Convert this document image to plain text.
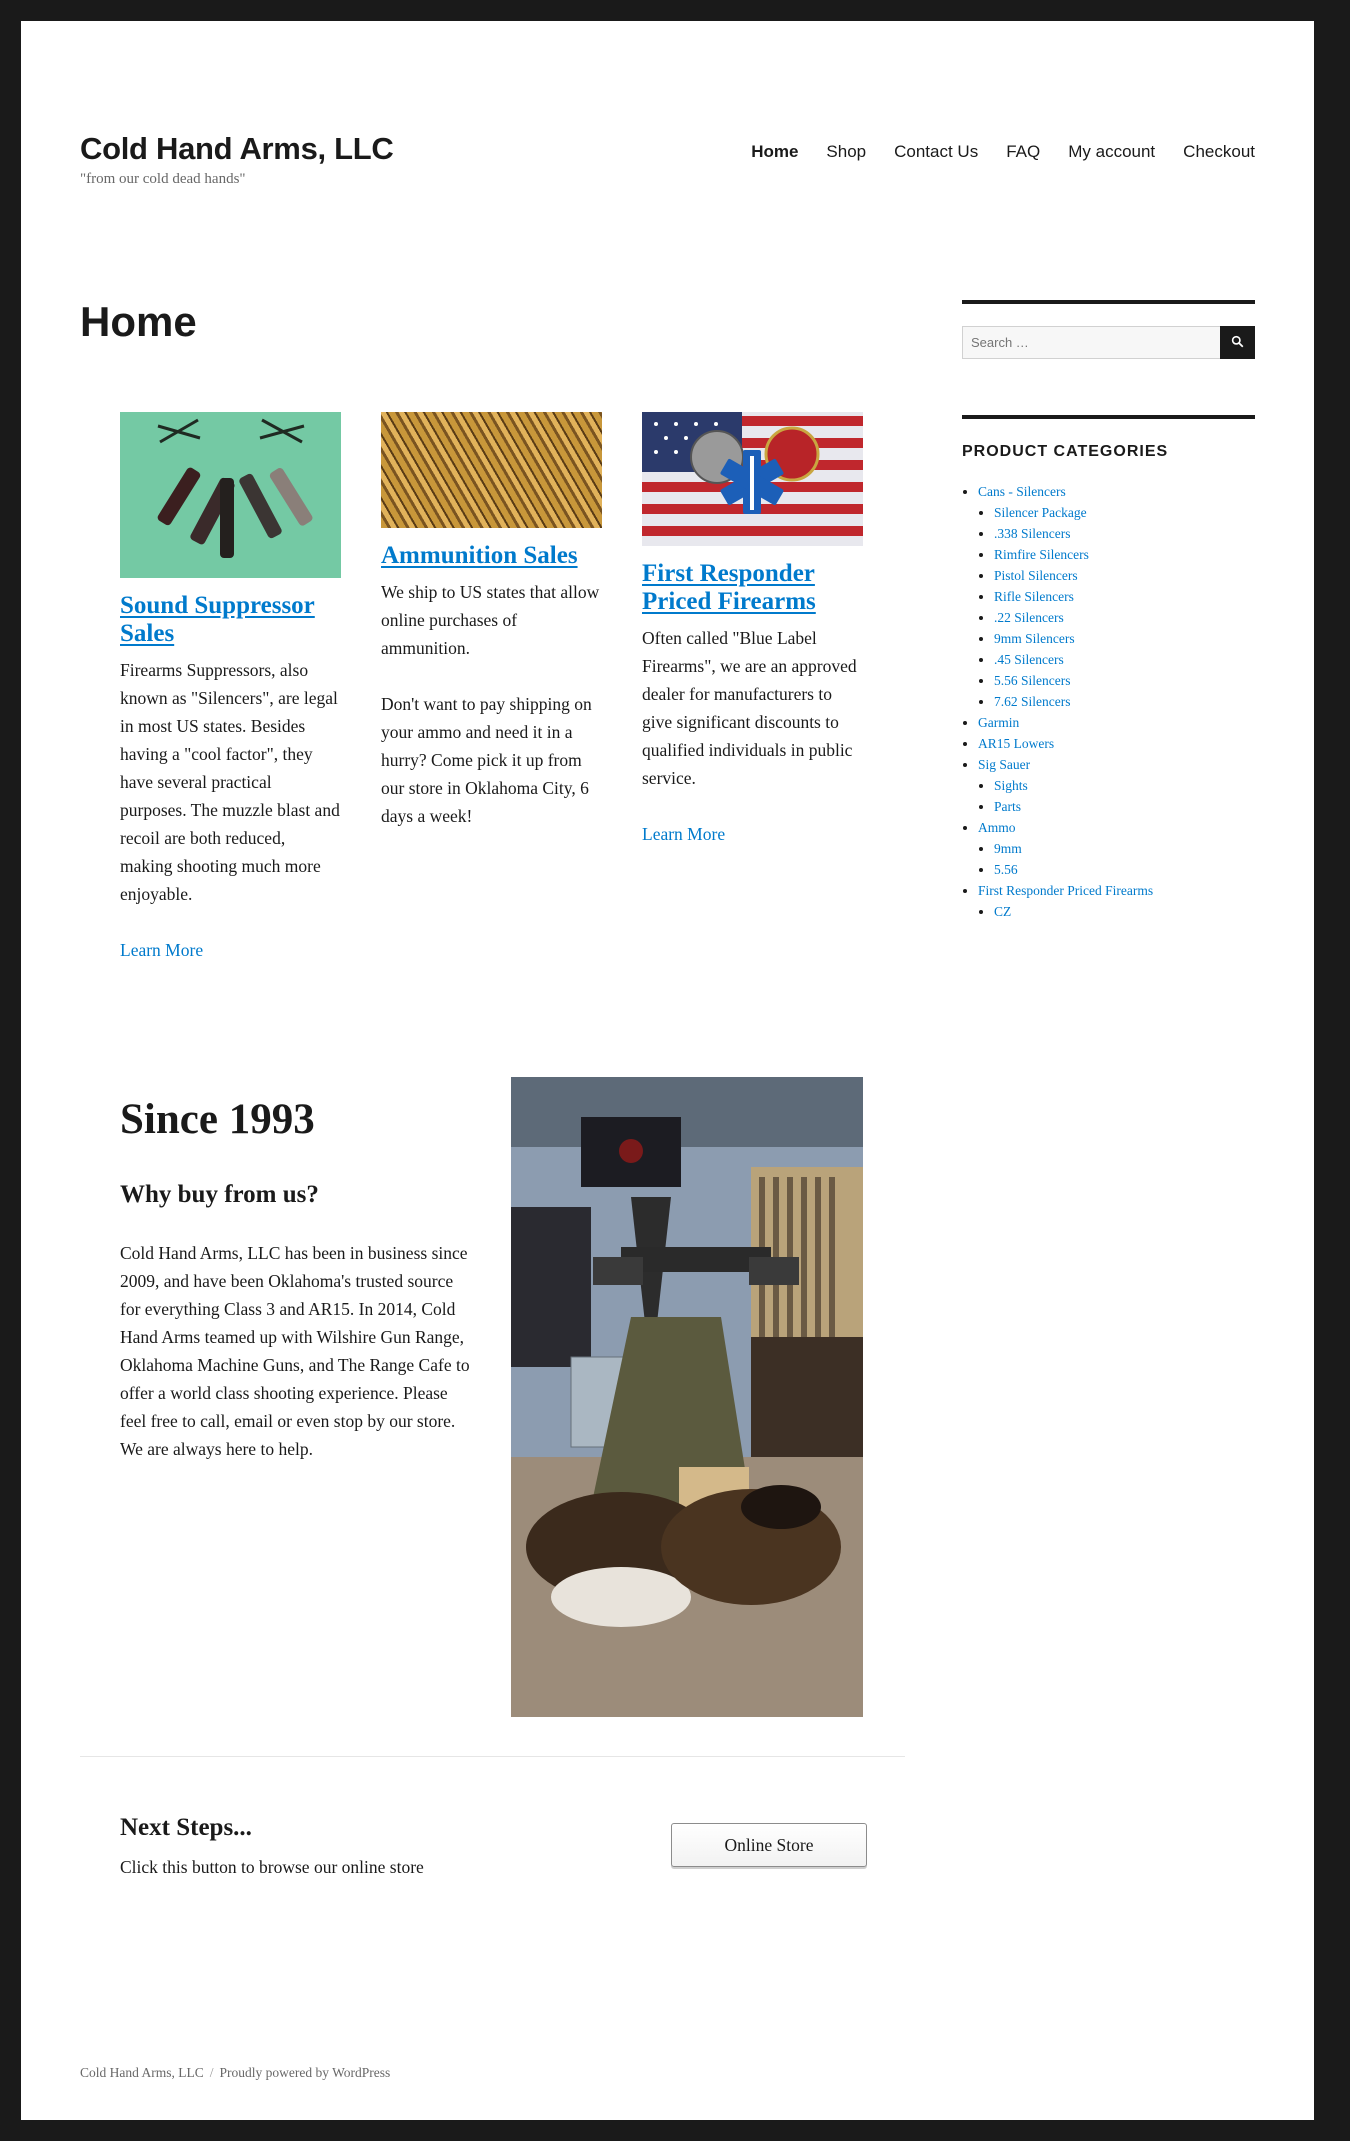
Cold Hand Arms, LLC
"from our cold dead hands"
Home Shop Contact Us FAQ My account Checkout
Home
Sound Suppressor Sales

Firearms Suppressors, also known as "Silencers", are legal in most US states. Besides having a "cool factor", they have several practical purposes. The muzzle blast and recoil are both reduced, making shooting much more enjoyable.

Learn More
Ammunition Sales

We ship to US states that allow online purchases of ammunition.

Don't want to pay shipping on your ammo and need it in a hurry? Come pick it up from our store in Oklahoma City, 6 days a week!

First Responder Priced Firearms

Often called "Blue Label Firearms", we are an approved dealer for manufacturers to give significant discounts to qualified individuals in public service.

Learn More
Since 1993
Why buy from us?

Cold Hand Arms, LLC has been in business since 2009, and have been Oklahoma's trusted source for everything Class 3 and AR15. In 2014, Cold Hand Arms teamed up with Wilshire Gun Range, Oklahoma Machine Guns, and The Range Cafe to offer a world class shooting experience. Please feel free to call, email or even stop by our store. We are always here to help.

Next Steps...

Click this button to browse our online store

Online Store
Search …
PRODUCT CATEGORIES
• Cans - Silencers
• Silencer Package
• .338 Silencers
• Rimfire Silencers
• Pistol Silencers
• Rifle Silencers
• .22 Silencers
• 9mm Silencers
• .45 Silencers
• 5.56 Silencers
• 7.62 Silencers
• Garmin
• AR15 Lowers
• Sig Sauer
• Sights
• Parts
• Ammo
• 9mm
• 5.56
• First Responder Priced Firearms
• CZ
Cold Hand Arms, LLC / Proudly powered by WordPress
